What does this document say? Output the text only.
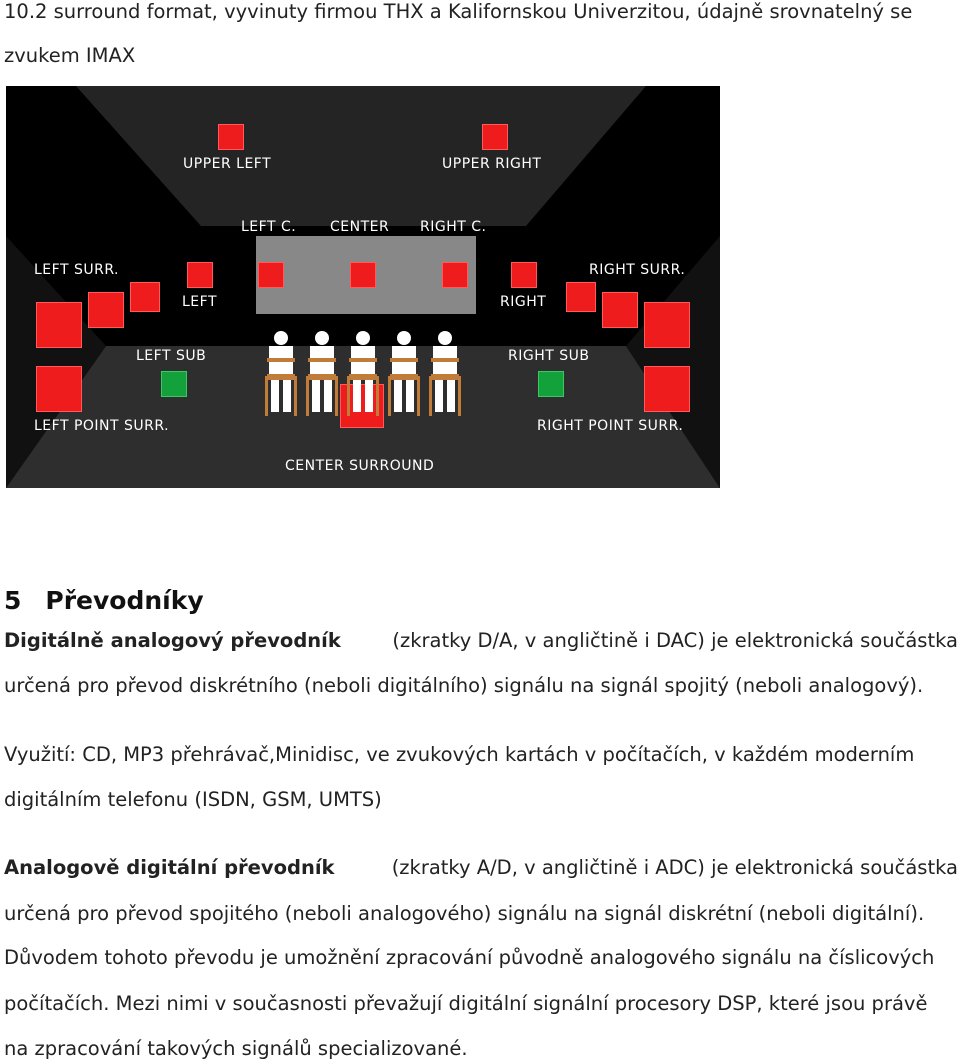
10.2 surround format, vyvinuty firmou THX a Kalifornskou Univerzitou, údajně srovnatelný se
zvukem IMAX
UPPER LEFT	UPPER RIGHT
LEFT C. CENTER RIGHT C.
LEFT	RIGHT
LEFT SURR.	RIGHT SURR.
LEFT SUB	RIGHT SUB
LEFT POINT SURR.	RIGHT POINT SURR.
CENTER SURROUND
5 Převodníky
Digitálně analogový převodník	(zkratky D/A, v angličtině i DAC) je elektronická součástka
určená pro převod diskrétního (neboli digitálního) signálu na signál spojitý (neboli analogový).
Využití: CD, MP3 přehrávač,Minidisc, ve zvukových kartách v počítačích, v každém moderním
digitálním telefonu (ISDN, GSM, UMTS)
Analogově digitální převodník	(zkratky A/D, v angličtině i ADC) je elektronická součástka
určená pro převod spojitého (neboli analogového) signálu na signál diskrétní (neboli digitální).
Důvodem tohoto převodu je umožnění zpracování původně analogového signálu na číslicových
počítačích. Mezi nimi v současnosti převažují digitální signální procesory DSP, které jsou právě
na zpracování takových signálů specializované.
